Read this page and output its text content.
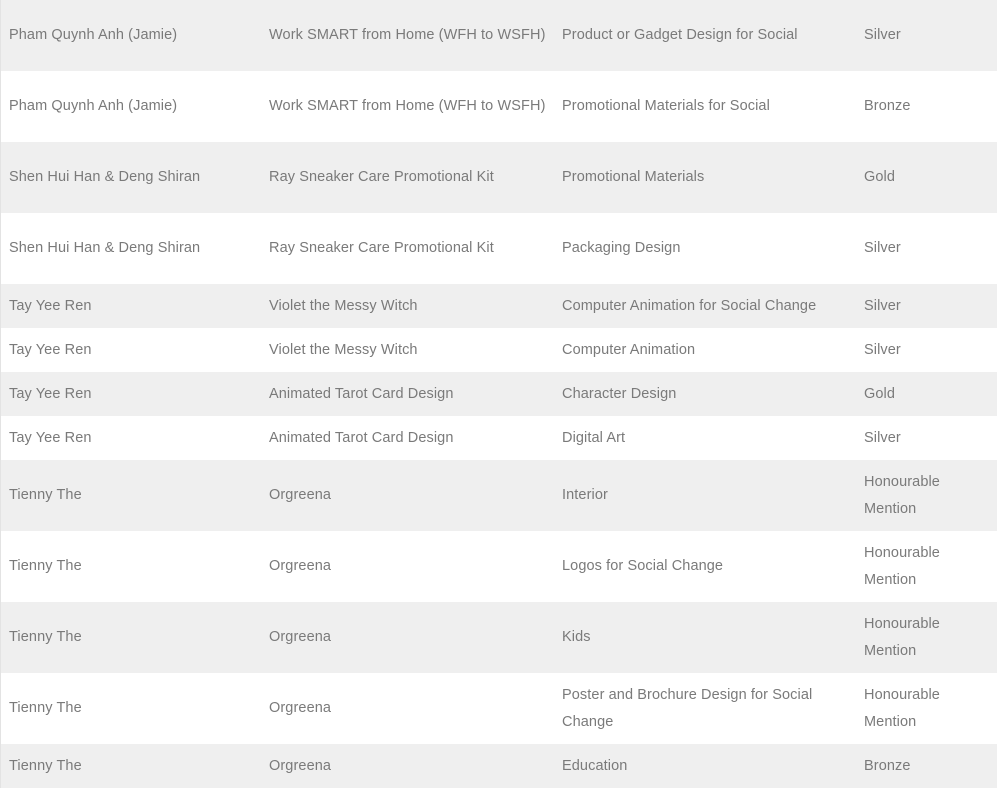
Pham Quynh Anh (Jamie)	Work SMART from Home (WFH to WSFH)	Product or Gadget Design for Social	Silver
Pham Quynh Anh (Jamie)	Work SMART from Home (WFH to WSFH)	Promotional Materials for Social	Bronze
Shen Hui Han & Deng Shiran	Ray Sneaker Care Promotional Kit	Promotional Materials	Gold
Shen Hui Han & Deng Shiran	Ray Sneaker Care Promotional Kit	Packaging Design	Silver
Tay Yee Ren	Violet the Messy Witch	Computer Animation for Social Change	Silver
Tay Yee Ren	Violet the Messy Witch	Computer Animation	Silver
Tay Yee Ren	Animated Tarot Card Design	Character Design	Gold
Tay Yee Ren	Animated Tarot Card Design	Digital Art	Silver
Tienny The	Orgreena	Interior	Honourable Mention
Tienny The	Orgreena	Logos for Social Change	Honourable Mention
Tienny The	Orgreena	Kids	Honourable Mention
Tienny The	Orgreena	Poster and Brochure Design for Social Change	Honourable Mention
Tienny The	Orgreena	Education	Bronze
